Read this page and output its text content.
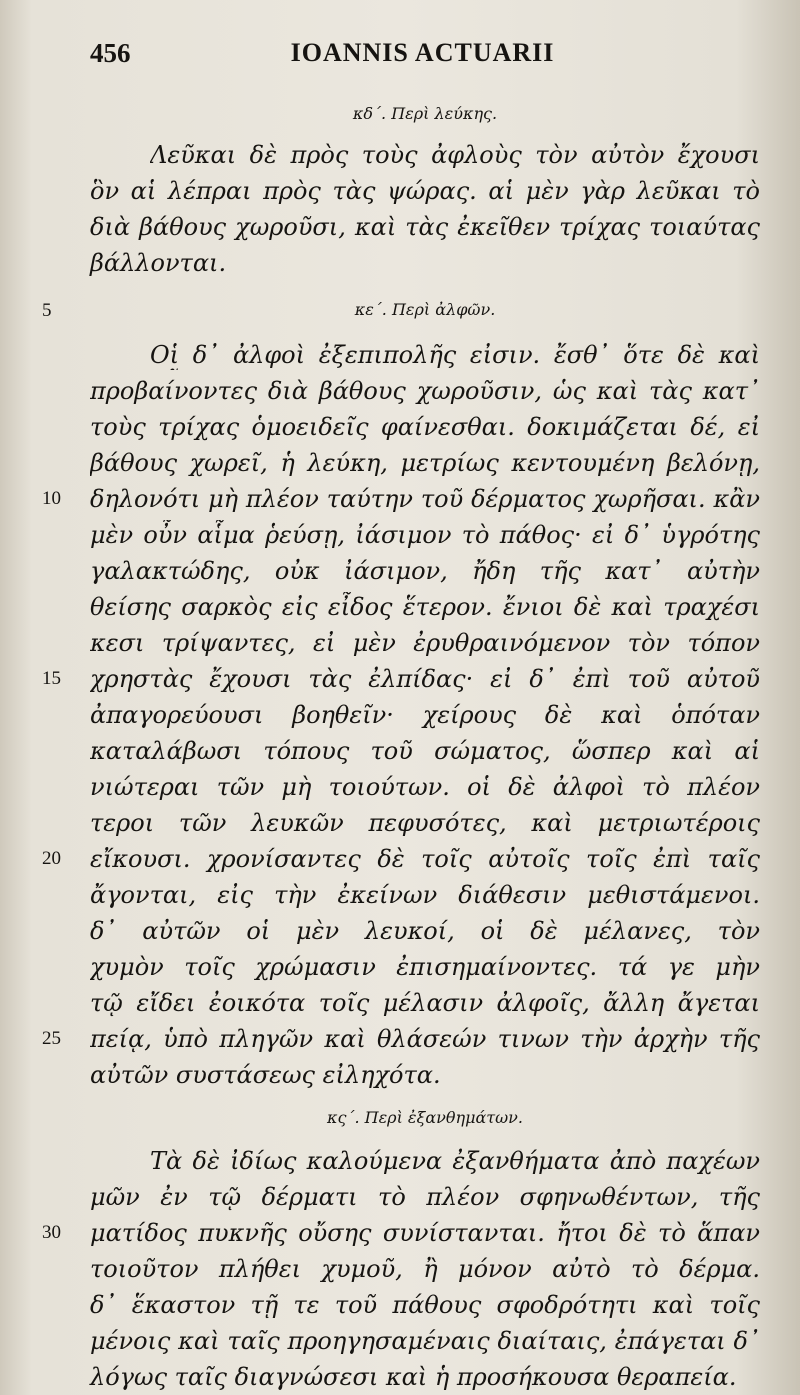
456	IOANNIS ACTUARII
κδ΄. Περὶ λεύκης.
Λεῦκαι δὲ πρὸς τοὺς ἀφλοὺς τὸν αὐτὸν ἔχουσι
ὃν αἱ λέπραι πρὸς τὰς ψώρας. αἱ μὲν γὰρ λεῦκαι τὸ
διὰ βάθους χωροῦσι, καὶ τὰς ἐκεῖθεν τρίχας τοιαύτας
βάλλονται.
5	κε΄. Περὶ ἀλφῶν.
Οἱ δ᾽ ἀλφοὶ ἐξεπιπολῆς εἰσιν. ἔσθ᾽ ὅτε δὲ καὶ
προβαίνοντες διὰ βάθους χωροῦσιν, ὡς καὶ τὰς κατ᾽
τοὺς τρίχας ὁμοειδεῖς φαίνεσθαι. δοκιμάζεται δέ, εἰ
βάθους χωρεῖ, ἡ λεύκη, μετρίως κεντουμένη βελόνῃ,
10	δηλονότι μὴ πλέον ταύτην τοῦ δέρματος χωρῆσαι. κἂν
μὲν οὖν αἷμα ῥεύσῃ, ἰάσιμον τὸ πάθος· εἰ δ᾽ ὑγρότης
γαλακτώδης, οὐκ ἰάσιμον, ἤδη τῆς κατ᾽ αὐτὴν
θείσης σαρκὸς εἰς εἶδος ἕτερον. ἔνιοι δὲ καὶ τραχέσι
κεσι τρίψαντες, εἰ μὲν ἐρυθραινόμενον τὸν τόπον
15	χρηστὰς ἔχουσι τὰς ἐλπίδας· εἰ δ᾽ ἐπὶ τοῦ αὐτοῦ
ἀπαγορεύουσι βοηθεῖν· χείρους δὲ καὶ ὁπόταν
καταλάβωσι τόπους τοῦ σώματος, ὥσπερ καὶ αἱ
νιώτεραι τῶν μὴ τοιούτων. οἱ δὲ ἀλφοὶ τὸ πλέον
τεροι τῶν λευκῶν πεφυσότες, καὶ μετριωτέροις
20	εἴκουσι. χρονίσαντες δὲ τοῖς αὐτοῖς τοῖς ἐπὶ ταῖς
ἄγονται, εἰς τὴν ἐκείνων διάθεσιν μεθιστάμενοι.
δ᾽ αὐτῶν οἱ μὲν λευκοί, οἱ δὲ μέλανες, τὸν
χυμὸν τοῖς χρώμασιν ἐπισημαίνοντες. τά γε μὴν
τῷ εἴδει ἐοικότα τοῖς μέλασιν ἀλφοῖς, ἄλλη ἄγεται
25	πείᾳ, ὑπὸ πληγῶν καὶ θλάσεών τινων τὴν ἀρχὴν τῆς
αὐτῶν συστάσεως εἰληχότα.
κς΄. Περὶ ἐξανθημάτων.
Τὰ δὲ ἰδίως καλούμενα ἐξανθήματα ἀπὸ παχέων
μῶν ἐν τῷ δέρματι τὸ πλέον σφηνωθέντων, τῆς
30	ματίδος πυκνῆς οὔσης συνίστανται. ἤτοι δὲ τὸ ἅπαν
τοιοῦτον πλήθει χυμοῦ, ἢ μόνον αὐτὸ τὸ δέρμα.
δ᾽ ἕκαστον τῇ τε τοῦ πάθους σφοδρότητι καὶ τοῖς
μένοις καὶ ταῖς προηγησαμέναις διαίταις, ἐπάγεται δ᾽
λόγως ταῖς διαγνώσεσι καὶ ἡ προσήκουσα θεραπεία.
